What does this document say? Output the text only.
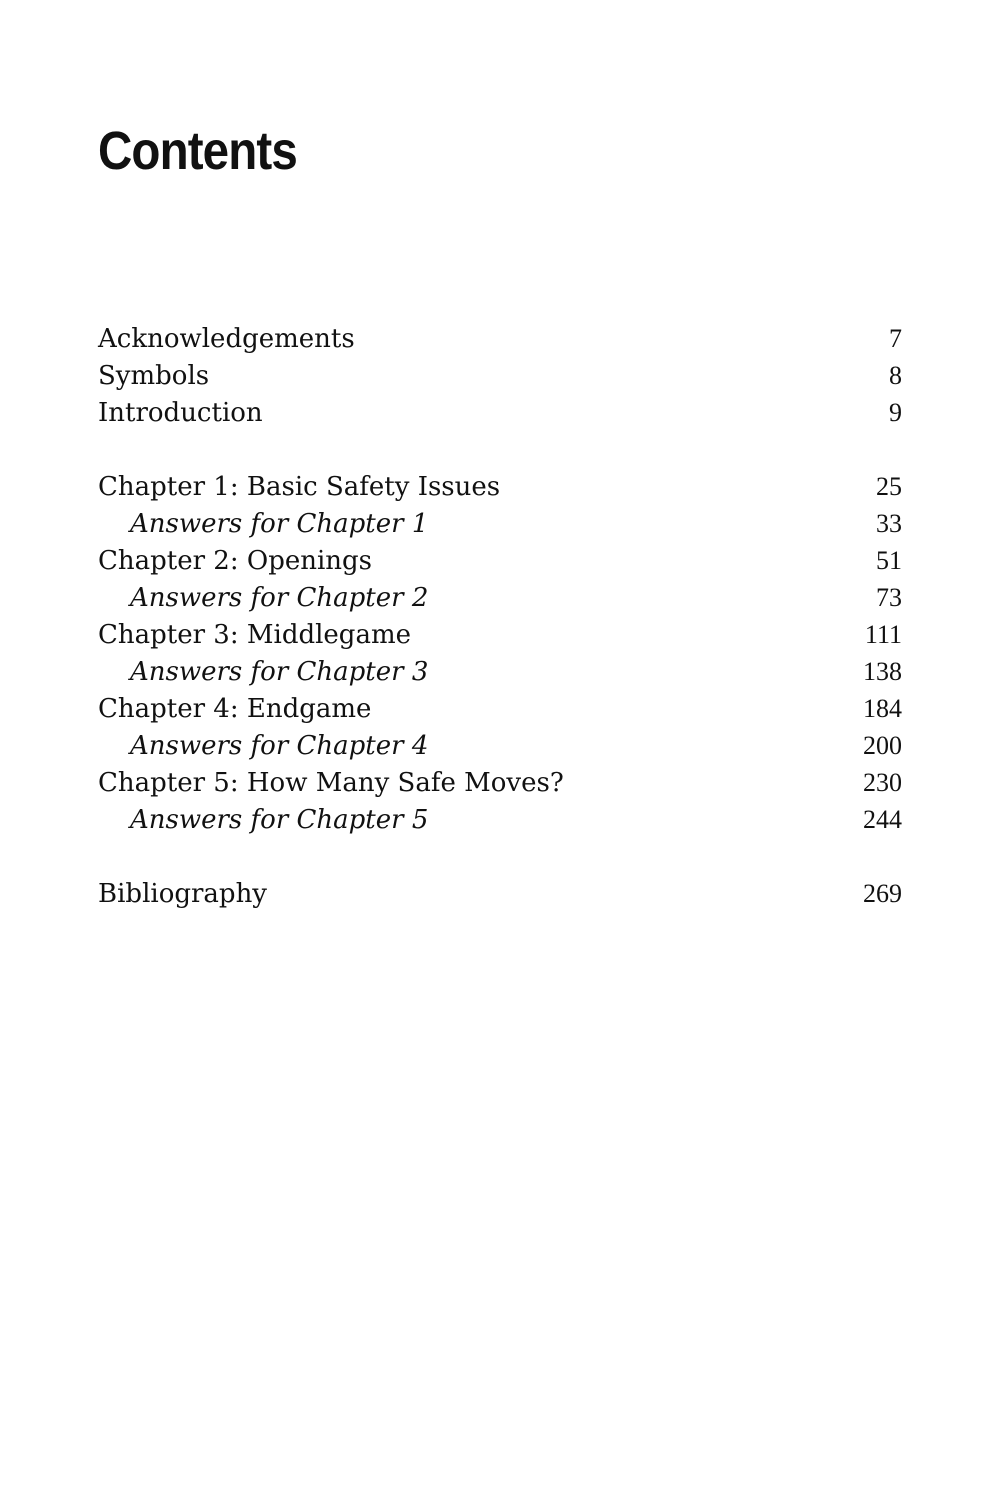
Contents
Acknowledgements	7
Symbols	8
Introduction	9
Chapter 1: Basic Safety Issues	25
Answers for Chapter 1	33
Chapter 2: Openings	51
Answers for Chapter 2	73
Chapter 3: Middlegame	111
Answers for Chapter 3	138
Chapter 4: Endgame	184
Answers for Chapter 4	200
Chapter 5: How Many Safe Moves?	230
Answers for Chapter 5	244
Bibliography	269
